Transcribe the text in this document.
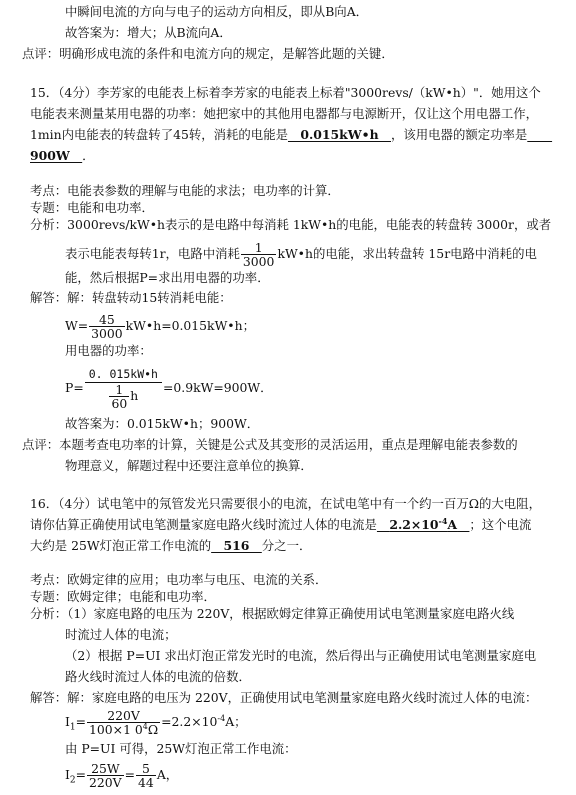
中瞬间电流的方向与电子的运动方向相反，即从B向A．
故答案为：增大；从B流向A．
点评：明确形成电流的条件和电流方向的规定，是解答此题的关键．
15．（4分）李芳家的电能表上标着李芳家的电能表上标着"3000revs/（kW•h）"．她用这个
电能表来测量某用电器的功率：她把家中的其他用电器都与电源断开，仅让这个用电器工作，
1min内电能表的转盘转了45转，消耗的电能是　0.015kW•h　，该用电器的额定功率是　　
900W　．
考点：电能表参数的理解与电能的求法；电功率的计算．
专题：电能和电功率．
分析：3000revs/kW•h表示的是电路中每消耗 1kW•h的电能，电能表的转盘转 3000r，或者
表示电能表每转1r，电路中消耗 $\frac{1}{3000}$ kW•h的电能，求出转盘转 15r电路中消耗的电
能，然后根据P=求出用电器的功率．
解答：解：转盘转动15转消耗电能：
$W= \frac{45}{3000}$ kW•h=0.015kW•h；
用电器的功率：
$P= \frac{0. 015kW•h}{\frac{1}{60} h} =0.9kW=900W$．
故答案为：0.015kW•h；900W．
点评：本题考查电功率的计算，关键是公式及其变形的灵活运用，重点是理解电能表参数的
物理意义，解题过程中还要注意单位的换算．
16．（4分）试电笔中的氖管发光只需要很小的电流，在试电笔中有一个约一百万Ω的大电阻，
请你估算正确使用试电笔测量家庭电路火线时流过人体的电流是　 $2.2\times 10^{-4}A$　 ；这个电流
大约是 25W灯泡正常工作电流的　516　分之一．
考点：欧姆定律的应用；电功率与电压、电流的关系．
专题：欧姆定律；电能和电功率．
分析：（1）家庭电路的电压为 220V，根据欧姆定律算正确使用试电笔测量家庭电路火线
时流过人体的电流；
（2）根据 P=UI 求出灯泡正常发光时的电流，然后得出与正确使用试电笔测量家庭电
路火线时流过人体的电流的倍数．
解答：解：家庭电路的电压为 220V，正确使用试电笔测量家庭电路火线时流过人体的电流：
$I_1= \frac{220V}{100\times 1 0^4\Omega} =2.2\times 10^{-4}A$；
由 P=UI 可得，25W灯泡正常工作电流：
$I_2= \frac{25W}{220V} = \frac{5}{44}$ A，
